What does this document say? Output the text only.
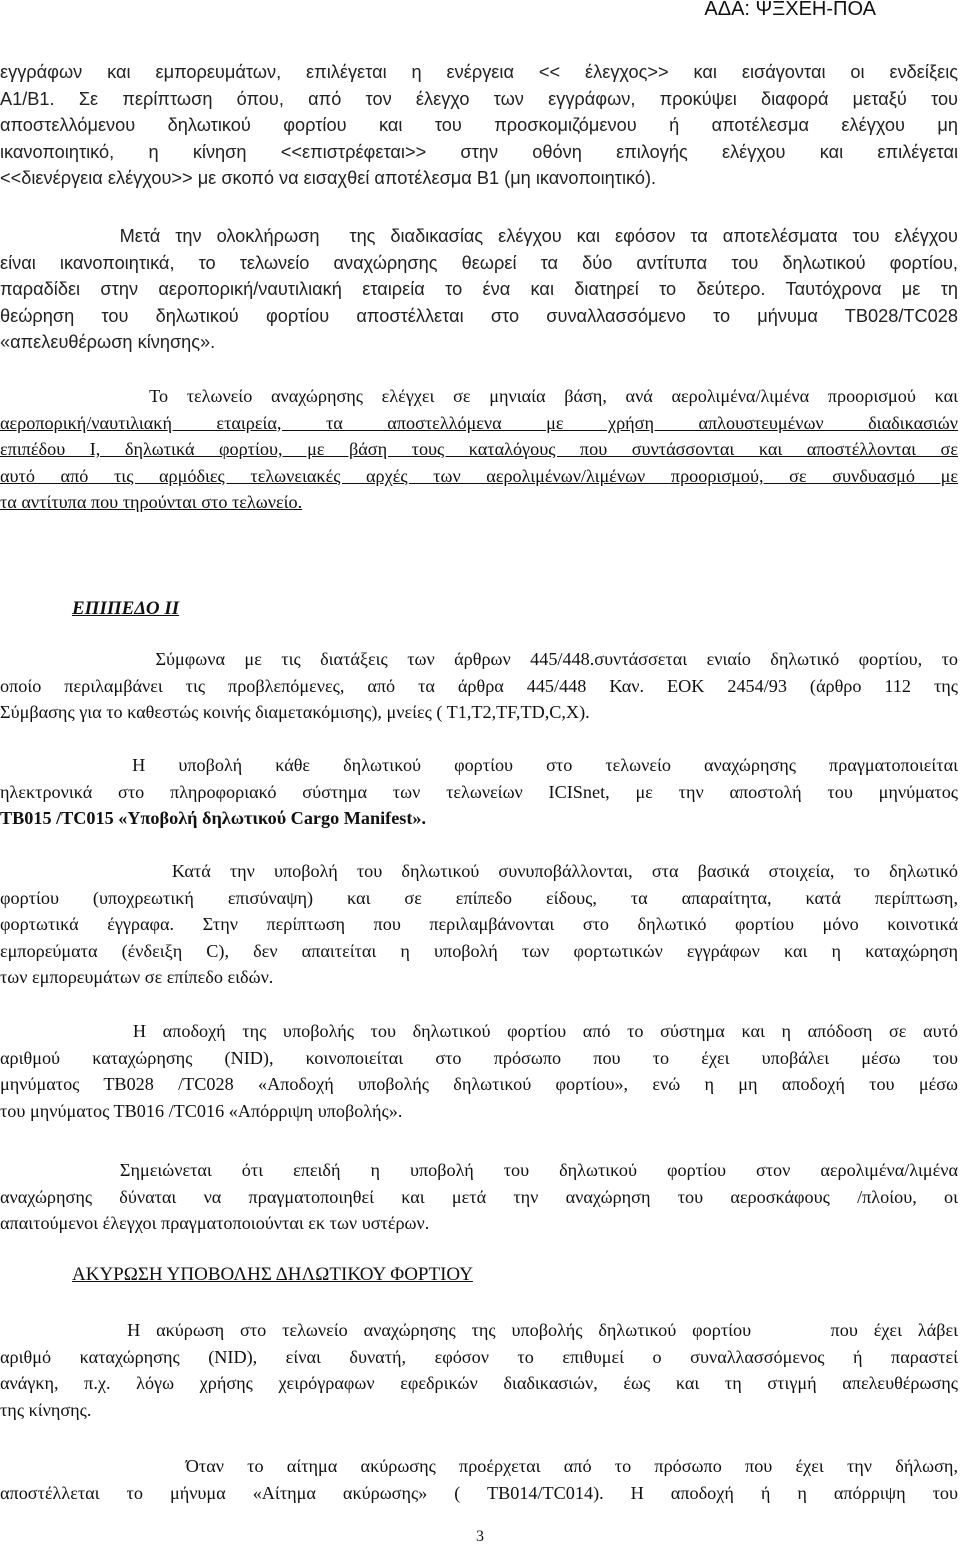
ΑΔΑ: ΨΞΧΕΗ-ΠΟΑ
εγγράφων και εμπορευμάτων, επιλέγεται η ενέργεια << έλεγχος>> και εισάγονται οι ενδείξεις
Α1/Β1. Σε περίπτωση όπου, από τον έλεγχο των εγγράφων, προκύψει διαφορά μεταξύ του
αποστελλόμενου δηλωτικού φορτίου και του προσκομιζόμενου ή αποτέλεσμα ελέγχου μη
ικανοποιητικό, η κίνηση <<επιστρέφεται>> στην οθόνη επιλογής ελέγχου και επιλέγεται
<<διενέργεια ελέγχου>> με σκοπό να εισαχθεί αποτέλεσμα Β1 (μη ικανοποιητικό).
Μετά την ολοκλήρωση  της διαδικασίας ελέγχου και εφόσον τα αποτελέσματα του ελέγχου
είναι ικανοποιητικά, το τελωνείο αναχώρησης θεωρεί τα δύο αντίτυπα του δηλωτικού φορτίου,
παραδίδει στην αεροπορική/ναυτιλιακή εταιρεία το ένα και διατηρεί το δεύτερο. Ταυτόχρονα με τη
θεώρηση του δηλωτικού φορτίου αποστέλλεται στο συναλλασσόμενο το μήνυμα ΤΒ028/TC028
«απελευθέρωση κίνησης».
Το τελωνείο αναχώρησης ελέγχει σε μηνιαία βάση, ανά αερολιμένα/λιμένα προορισμού και
αεροπορική/ναυτιλιακή εταιρεία, τα αποστελλόμενα με χρήση απλουστευμένων διαδικασιών
επιπέδου Ι, δηλωτικά φορτίου, με βάση τους καταλόγους που συντάσσονται και αποστέλλονται σε
αυτό από τις αρμόδιες τελωνειακές αρχές των αερολιμένων/λιμένων προορισμού, σε συνδυασμό με
τα αντίτυπα που τηρούνται στο τελωνείο.
ΕΠΙΠΕΔΟ ΙΙ
Σύμφωνα με τις διατάξεις των άρθρων 445/448.συντάσσεται ενιαίο δηλωτικό φορτίου, το
οποίο περιλαμβάνει τις προβλεπόμενες, από τα άρθρα 445/448 Καν. ΕΟΚ 2454/93 (άρθρο 112 της
Σύμβασης για το καθεστώς κοινής διαμετακόμισης), μνείες ( Τ1,Τ2,TF,TD,C,X).
Η  υποβολή  κάθε  δηλωτικού  φορτίου  στο  τελωνείο  αναχώρησης  πραγματοποιείται
ηλεκτρονικά στο πληροφοριακό σύστημα των τελωνείων ICISnet, με την αποστολή του μηνύματος
ΤΒ015 /TC015 «Υποβολή δηλωτικού Cargo Manifest».
Κατά την υποβολή του δηλωτικού συνυποβάλλονται, στα βασικά στοιχεία, το δηλωτικό
φορτίου (υποχρεωτική επισύναψη) και σε επίπεδο είδους, τα απαραίτητα, κατά περίπτωση,
φορτωτικά έγγραφα. Στην περίπτωση που περιλαμβάνονται στο δηλωτικό φορτίου μόνο κοινοτικά
εμπορεύματα (ένδειξη C), δεν απαιτείται η υποβολή των φορτωτικών εγγράφων και η καταχώρηση
των εμπορευμάτων σε επίπεδο ειδών.
Η αποδοχή της υποβολής του δηλωτικού φορτίου από το σύστημα και η απόδοση σε αυτό
αριθμού καταχώρησης (NID), κοινοποιείται στο πρόσωπο που το έχει υποβάλει μέσω του
μηνύματος ΤΒ028 /TC028 «Αποδοχή υποβολής δηλωτικού φορτίου», ενώ η μη αποδοχή του μέσω
του μηνύματος ΤΒ016 /TC016 «Απόρριψη υποβολής».
Σημειώνεται  ότι  επειδή  η  υποβολή  του  δηλωτικού  φορτίου  στον  αερολιμένα/λιμένα
αναχώρησης δύναται να πραγματοποιηθεί και μετά την αναχώρηση του αεροσκάφους /πλοίου, οι
απαιτούμενοι έλεγχοι πραγματοποιούνται εκ των υστέρων.
ΑΚΥΡΩΣΗ ΥΠΟΒΟΛΗΣ ΔΗΛΩΤΙΚΟΥ ΦΟΡΤΙΟΥ
Η ακύρωση στο τελωνείο αναχώρησης της υποβολής δηλωτικού φορτίου     που έχει λάβει
αριθμό καταχώρησης (NID), είναι δυνατή, εφόσον το επιθυμεί ο συναλλασσόμενος ή παραστεί
ανάγκη, π.χ. λόγω χρήσης χειρόγραφων εφεδρικών διαδικασιών, έως και τη στιγμή απελευθέρωσης
της κίνησης.
Όταν το αίτημα ακύρωσης προέρχεται από το πρόσωπο που έχει την δήλωση,
αποστέλλεται το μήνυμα «Αίτημα ακύρωσης» ( ΤΒ014/TC014). Η αποδοχή ή η απόρριψη του
3
